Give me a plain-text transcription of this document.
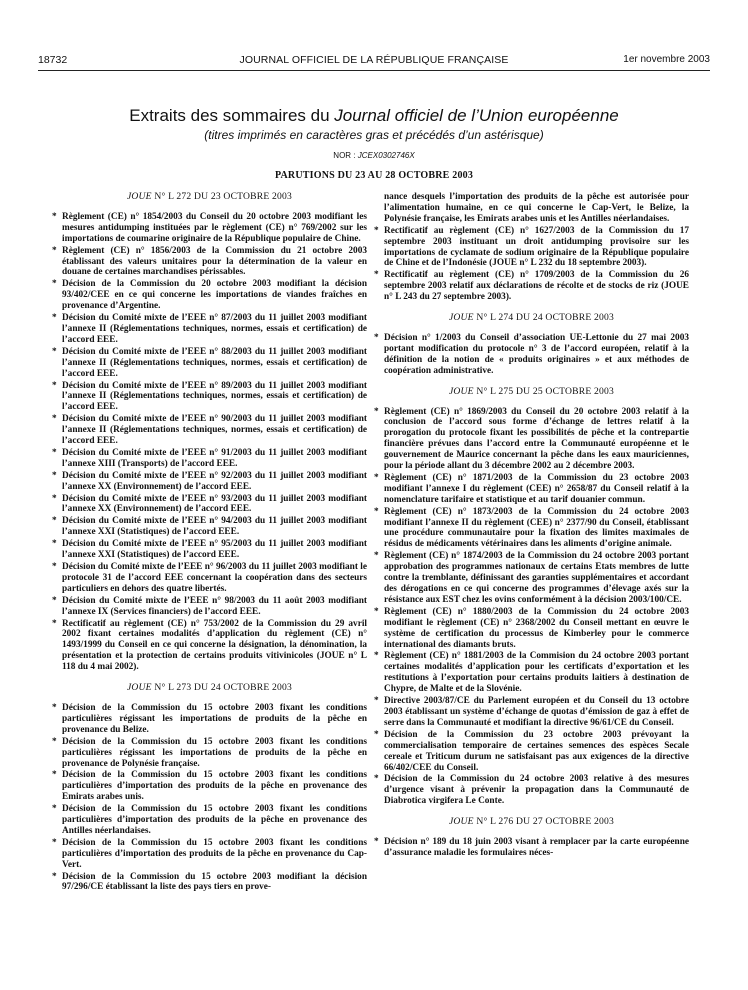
18732	JOURNAL OFFICIEL DE LA RÉPUBLIQUE FRANÇAISE	1er novembre 2003
Extraits des sommaires du Journal officiel de l’Union européenne
(titres imprimés en caractères gras et précédés d’un astérisque)
NOR : JCEX0302746X
PARUTIONS DU 23 AU 28 OCTOBRE 2003
JOUE N° L 272 DU 23 OCTOBRE 2003
* Règlement (CE) n° 1854/2003 du Conseil du 20 octobre 2003 modifiant les mesures antidumping instituées par le règlement (CE) n° 769/2002 sur les importations de coumarine originaire de la République populaire de Chine.
* Règlement (CE) n° 1856/2003 de la Commission du 21 octobre 2003 établissant des valeurs unitaires pour la détermination de la valeur en douane de certaines marchandises périssables.
* Décision de la Commission du 20 octobre 2003 modifiant la décision 93/402/CEE en ce qui concerne les importations de viandes fraîches en provenance d’Argentine.
* Décision du Comité mixte de l’EEE n° 87/2003 du 11 juillet 2003 modifiant l’annexe II (Réglementations techniques, normes, essais et certification) de l’accord EEE.
* Décision du Comité mixte de l’EEE n° 88/2003 du 11 juillet 2003 modifiant l’annexe II (Réglementations techniques, normes, essais et certification) de l’accord EEE.
* Décision du Comité mixte de l’EEE n° 89/2003 du 11 juillet 2003 modifiant l’annexe II (Réglementations techniques, normes, essais et certification) de l’accord EEE.
* Décision du Comité mixte de l’EEE n° 90/2003 du 11 juillet 2003 modifiant l’annexe II (Réglementations techniques, normes, essais et certification) de l’accord EEE.
* Décision du Comité mixte de l’EEE n° 91/2003 du 11 juillet 2003 modifiant l’annexe XIII (Transports) de l’accord EEE.
* Décision du Comité mixte de l’EEE n° 92/2003 du 11 juillet 2003 modifiant l’annexe XX (Environnement) de l’accord EEE.
* Décision du Comité mixte de l’EEE n° 93/2003 du 11 juillet 2003 modifiant l’annexe XX (Environnement) de l’accord EEE.
* Décision du Comité mixte de l’EEE n° 94/2003 du 11 juillet 2003 modifiant l’annexe XXI (Statistiques) de l’accord EEE.
* Décision du Comité mixte de l’EEE n° 95/2003 du 11 juillet 2003 modifiant l’annexe XXI (Statistiques) de l’accord EEE.
* Décision du Comité mixte de l’EEE n° 96/2003 du 11 juillet 2003 modifiant le protocole 31 de l’accord EEE concernant la coopération dans des secteurs particuliers en dehors des quatre libertés.
* Décision du Comité mixte de l’EEE n° 98/2003 du 11 août 2003 modifiant l’annexe IX (Services financiers) de l’accord EEE.
* Rectificatif au règlement (CE) n° 753/2002 de la Commission du 29 avril 2002 fixant certaines modalités d’application du règlement (CE) n° 1493/1999 du Conseil en ce qui concerne la désignation, la dénomination, la présentation et la protection de certains produits vitivinicoles (JOUE n° L 118 du 4 mai 2002).
JOUE N° L 273 DU 24 OCTOBRE 2003
* Décision de la Commission du 15 octobre 2003 fixant les conditions particulières régissant les importations de produits de la pêche en provenance du Belize.
* Décision de la Commission du 15 octobre 2003 fixant les conditions particulières régissant les importations de produits de la pêche en provenance de Polynésie française.
* Décision de la Commission du 15 octobre 2003 fixant les conditions particulières d’importation des produits de la pêche en provenance des Emirats arabes unis.
* Décision de la Commission du 15 octobre 2003 fixant les conditions particulières d’importation des produits de la pêche en provenance des Antilles néerlandaises.
* Décision de la Commission du 15 octobre 2003 fixant les conditions particulières d’importation des produits de la pêche en provenance du Cap-Vert.
* Décision de la Commission du 15 octobre 2003 modifiant la décision 97/296/CE établissant la liste des pays tiers en prove-
nance desquels l’importation des produits de la pêche est autorisée pour l’alimentation humaine, en ce qui concerne le Cap-Vert, le Belize, la Polynésie française, les Emirats arabes unis et les Antilles néerlandaises.
* Rectificatif au règlement (CE) n° 1627/2003 de la Commission du 17 septembre 2003 instituant un droit antidumping provisoire sur les importations de cyclamate de sodium originaire de la République populaire de Chine et de l’Indonésie (JOUE n° L 232 du 18 septembre 2003).
* Rectificatif au règlement (CE) n° 1709/2003 de la Commission du 26 septembre 2003 relatif aux déclarations de récolte et de stocks de riz (JOUE n° L 243 du 27 septembre 2003).
JOUE N° L 274 DU 24 OCTOBRE 2003
* Décision n° 1/2003 du Conseil d’association UE-Lettonie du 27 mai 2003 portant modification du protocole n° 3 de l’accord européen, relatif à la définition de la notion de « produits originaires » et aux méthodes de coopération administrative.
JOUE N° L 275 DU 25 OCTOBRE 2003
* Règlement (CE) n° 1869/2003 du Conseil du 20 octobre 2003 relatif à la conclusion de l’accord sous forme d’échange de lettres relatif à la prorogation du protocole fixant les possibilités de pêche et la contrepartie financière prévues dans l’accord entre la Communauté européenne et le gouvernement de Maurice concernant la pêche dans les eaux mauriciennes, pour la période allant du 3 décembre 2002 au 2 décembre 2003.
* Règlement (CE) n° 1871/2003 de la Commission du 23 octobre 2003 modifiant l’annexe I du règlement (CEE) n° 2658/87 du Conseil relatif à la nomenclature tarifaire et statistique et au tarif douanier commun.
* Règlement (CE) n° 1873/2003 de la Commission du 24 octobre 2003 modifiant l’annexe II du règlement (CEE) n° 2377/90 du Conseil, établissant une procédure communautaire pour la fixation des limites maximales de résidus de médicaments vétérinaires dans les aliments d’origine animale.
* Règlement (CE) n° 1874/2003 de la Commission du 24 octobre 2003 portant approbation des programmes nationaux de certains Etats membres de lutte contre la tremblante, définissant des garanties supplémentaires et accordant des dérogations en ce qui concerne des programmes d’élevage axés sur la résistance aux EST chez les ovins conformément à la décision 2003/100/CE.
* Règlement (CE) n° 1880/2003 de la Commission du 24 octobre 2003 modifiant le règlement (CE) n° 2368/2002 du Conseil mettant en œuvre le système de certification du processus de Kimberley pour le commerce international des diamants bruts.
* Règlement (CE) n° 1881/2003 de la Commision du 24 octobre 2003 portant certaines modalités d’application pour les certificats d’exportation et les restitutions à l’exportation pour certains produits laitiers à destination de Chypre, de Malte et de la Slovénie.
* Directive 2003/87/CE du Parlement européen et du Conseil du 13 octobre 2003 établissant un système d’échange de quotas d’émission de gaz à effet de serre dans la Communauté et modifiant la directive 96/61/CE du Conseil.
* Décision de la Commission du 23 octobre 2003 prévoyant la commercialisation temporaire de certaines semences des espèces Secale cereale et Triticum durum ne satisfaisant pas aux exigences de la directive 66/402/CEE du Conseil.
* Décision de la Commission du 24 octobre 2003 relative à des mesures d’urgence visant à prévenir la propagation dans la Communauté de Diabrotica virgifera Le Conte.
JOUE N° L 276 DU 27 OCTOBRE 2003
* Décision n° 189 du 18 juin 2003 visant à remplacer par la carte européenne d’assurance maladie les formulaires néces-
